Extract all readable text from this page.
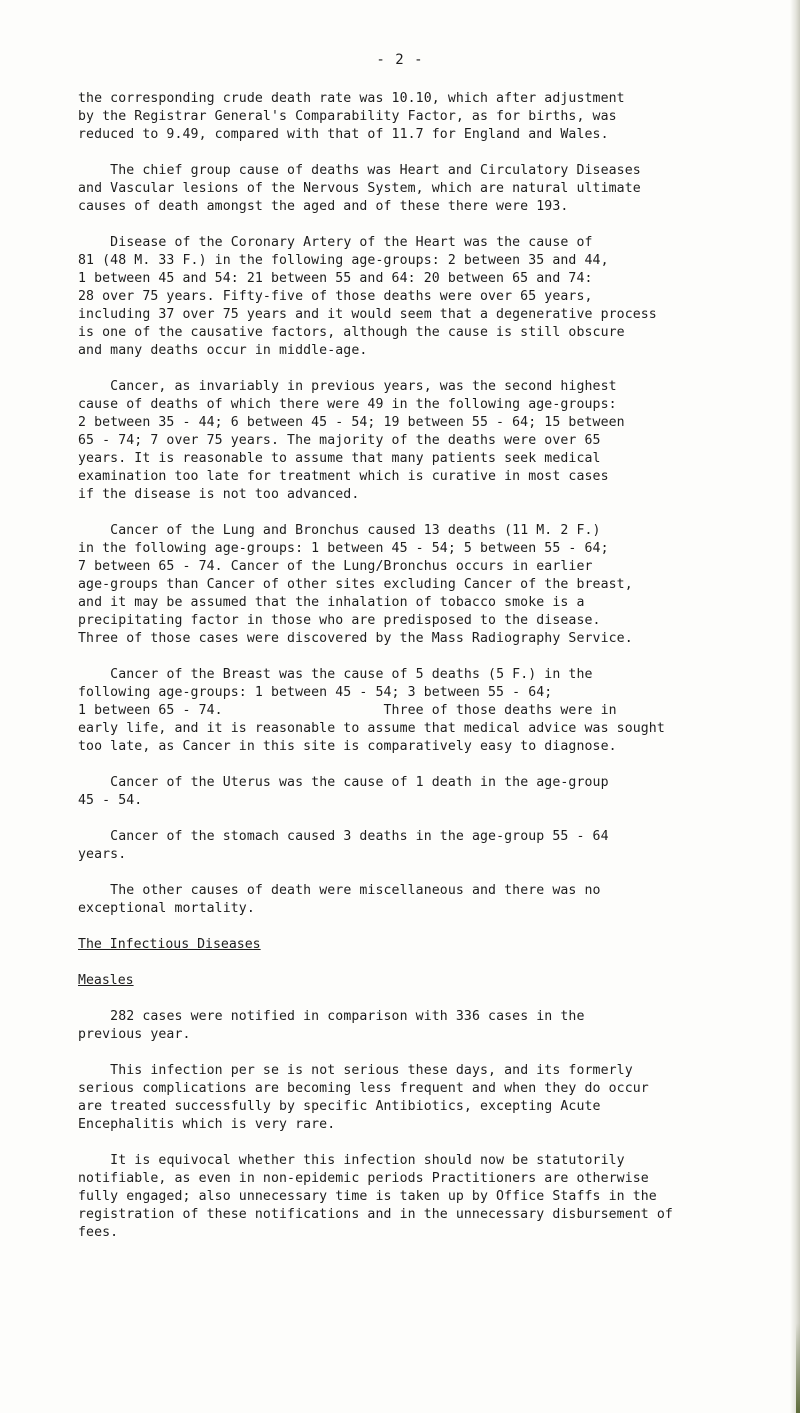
- 2 -

the corresponding crude death rate was 10.10, which after adjustment
by the Registrar General's Comparability Factor, as for births, was
reduced to 9.49, compared with that of 11.7 for England and Wales.

The chief group cause of deaths was Heart and Circulatory Diseases
and Vascular lesions of the Nervous System, which are natural ultimate
causes of death amongst the aged and of these there were 193.

Disease of the Coronary Artery of the Heart was the cause of
81 (48 M. 33 F.) in the following age-groups: 2 between 35 and 44,
1 between 45 and 54: 21 between 55 and 64: 20 between 65 and 74:
28 over 75 years. Fifty-five of those deaths were over 65 years,
including 37 over 75 years and it would seem that a degenerative process
is one of the causative factors, although the cause is still obscure
and many deaths occur in middle-age.

Cancer, as invariably in previous years, was the second highest
cause of deaths of which there were 49 in the following age-groups:
2 between 35 - 44; 6 between 45 - 54; 19 between 55 - 64; 15 between
65 - 74; 7 over 75 years. The majority of the deaths were over 65
years. It is reasonable to assume that many patients seek medical
examination too late for treatment which is curative in most cases
if the disease is not too advanced.

Cancer of the Lung and Bronchus caused 13 deaths (11 M. 2 F.)
in the following age-groups: 1 between 45 - 54; 5 between 55 - 64;
7 between 65 - 74. Cancer of the Lung/Bronchus occurs in earlier
age-groups than Cancer of other sites excluding Cancer of the breast,
and it may be assumed that the inhalation of tobacco smoke is a
precipitating factor in those who are predisposed to the disease.
Three of those cases were discovered by the Mass Radiography Service.

Cancer of the Breast was the cause of 5 deaths (5 F.) in the
following age-groups: 1 between 45 - 54; 3 between 55 - 64;
1 between 65 - 74.                    Three of those deaths were in
early life, and it is reasonable to assume that medical advice was sought
too late, as Cancer in this site is comparatively easy to diagnose.

Cancer of the Uterus was the cause of 1 death in the age-group
45 - 54.

Cancer of the stomach caused 3 deaths in the age-group 55 - 64
years.

The other causes of death were miscellaneous and there was no
exceptional mortality.

The Infectious Diseases
Measles

282 cases were notified in comparison with 336 cases in the
previous year.

This infection per se is not serious these days, and its formerly
serious complications are becoming less frequent and when they do occur
are treated successfully by specific Antibiotics, excepting Acute
Encephalitis which is very rare.

It is equivocal whether this infection should now be statutorily
notifiable, as even in non-epidemic periods Practitioners are otherwise
fully engaged; also unnecessary time is taken up by Office Staffs in the
registration of these notifications and in the unnecessary disbursement of
fees.
